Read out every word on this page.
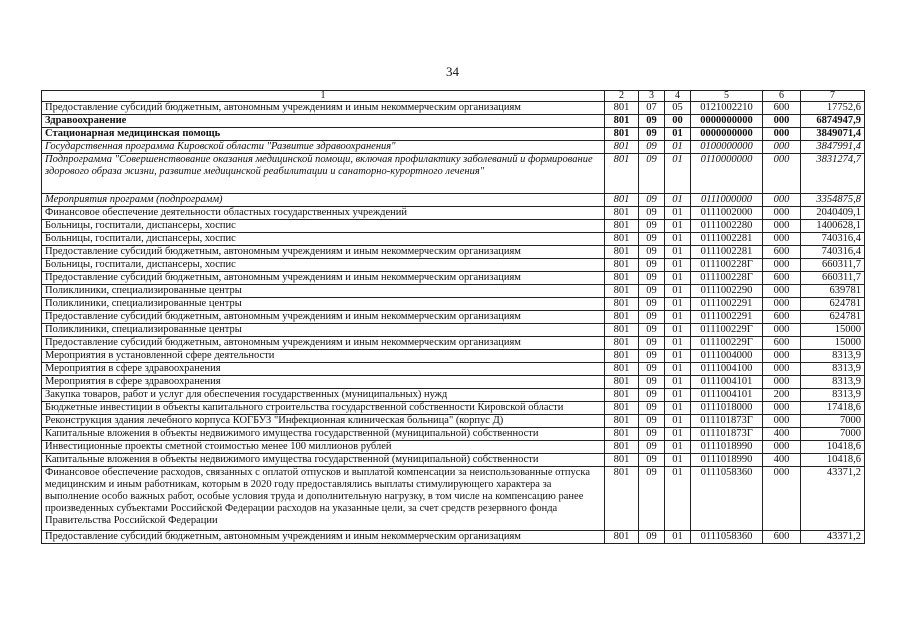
34
1	2	3	4	5	6	7
Предоставление субсидий бюджетным, автономным учреждениям и иным некоммерческим организациям	801	07	05	0121002210	600	17752,6
Здравоохранение	801	09	00	0000000000	000	6874947,9
Стационарная медицинская помощь	801	09	01	0000000000	000	3849071,4
Государственная программа Кировской области "Развитие здравоохранения"	801	09	01	0100000000	000	3847991,4
Подпрограмма "Совершенствование оказания медицинской помощи, включая профилактику заболеваний и формирование здорового образа жизни, развитие медицинской реабилитации и санаторно-курортного лечения"	801	09	01	0110000000	000	3831274,7
Мероприятия программ (подпрограмм)	801	09	01	0111000000	000	3354875,8
Финансовое обеспечение деятельности областных государственных учреждений	801	09	01	0111002000	000	2040409,1
Больницы, госпитали, диспансеры, хоспис	801	09	01	0111002280	000	1400628,1
Больницы, госпитали, диспансеры, хоспис	801	09	01	0111002281	000	740316,4
Предоставление субсидий бюджетным, автономным учреждениям и иным некоммерческим организациям	801	09	01	0111002281	600	740316,4
Больницы, госпитали, диспансеры, хоспис	801	09	01	011100228Г	000	660311,7
Предоставление субсидий бюджетным, автономным учреждениям и иным некоммерческим организациям	801	09	01	011100228Г	600	660311,7
Поликлиники, специализированные центры	801	09	01	0111002290	000	639781
Поликлиники, специализированные центры	801	09	01	0111002291	000	624781
Предоставление субсидий бюджетным, автономным учреждениям и иным некоммерческим организациям	801	09	01	0111002291	600	624781
Поликлиники, специализированные центры	801	09	01	011100229Г	000	15000
Предоставление субсидий бюджетным, автономным учреждениям и иным некоммерческим организациям	801	09	01	011100229Г	600	15000
Мероприятия в установленной сфере деятельности	801	09	01	0111004000	000	8313,9
Мероприятия в сфере здравоохранения	801	09	01	0111004100	000	8313,9
Мероприятия в сфере здравоохранения	801	09	01	0111004101	000	8313,9
Закупка товаров, работ и услуг для обеспечения государственных (муниципальных) нужд	801	09	01	0111004101	200	8313,9
Бюджетные инвестиции в объекты капитального строительства государственной собственности Кировской области	801	09	01	0111018000	000	17418,6
Реконструкция здания лечебного корпуса КОГБУЗ "Инфекционная клиническая больница" (корпус Д)	801	09	01	011101873Г	000	7000
Капитальные вложения в объекты недвижимого имущества государственной (муниципальной) собственности	801	09	01	011101873Г	400	7000
Инвестиционные проекты сметной стоимостью менее 100 миллионов рублей	801	09	01	0111018990	000	10418,6
Капитальные вложения в объекты недвижимого имущества государственной (муниципальной) собственности	801	09	01	0111018990	400	10418,6
Финансовое обеспечение расходов, связанных с оплатой отпусков и выплатой компенсации за неиспользованные отпуска медицинским и иным работникам, которым в 2020 году предоставлялись выплаты стимулирующего характера за выполнение особо важных работ, особые условия труда и дополнительную нагрузку, в том числе на компенсацию ранее произведенных субъектами Российской Федерации расходов на указанные цели, за счет средств резервного фонда Правительства Российской Федерации	801	09	01	0111058360	000	43371,2
Предоставление субсидий бюджетным, автономным учреждениям и иным некоммерческим организациям	801	09	01	0111058360	600	43371,2
